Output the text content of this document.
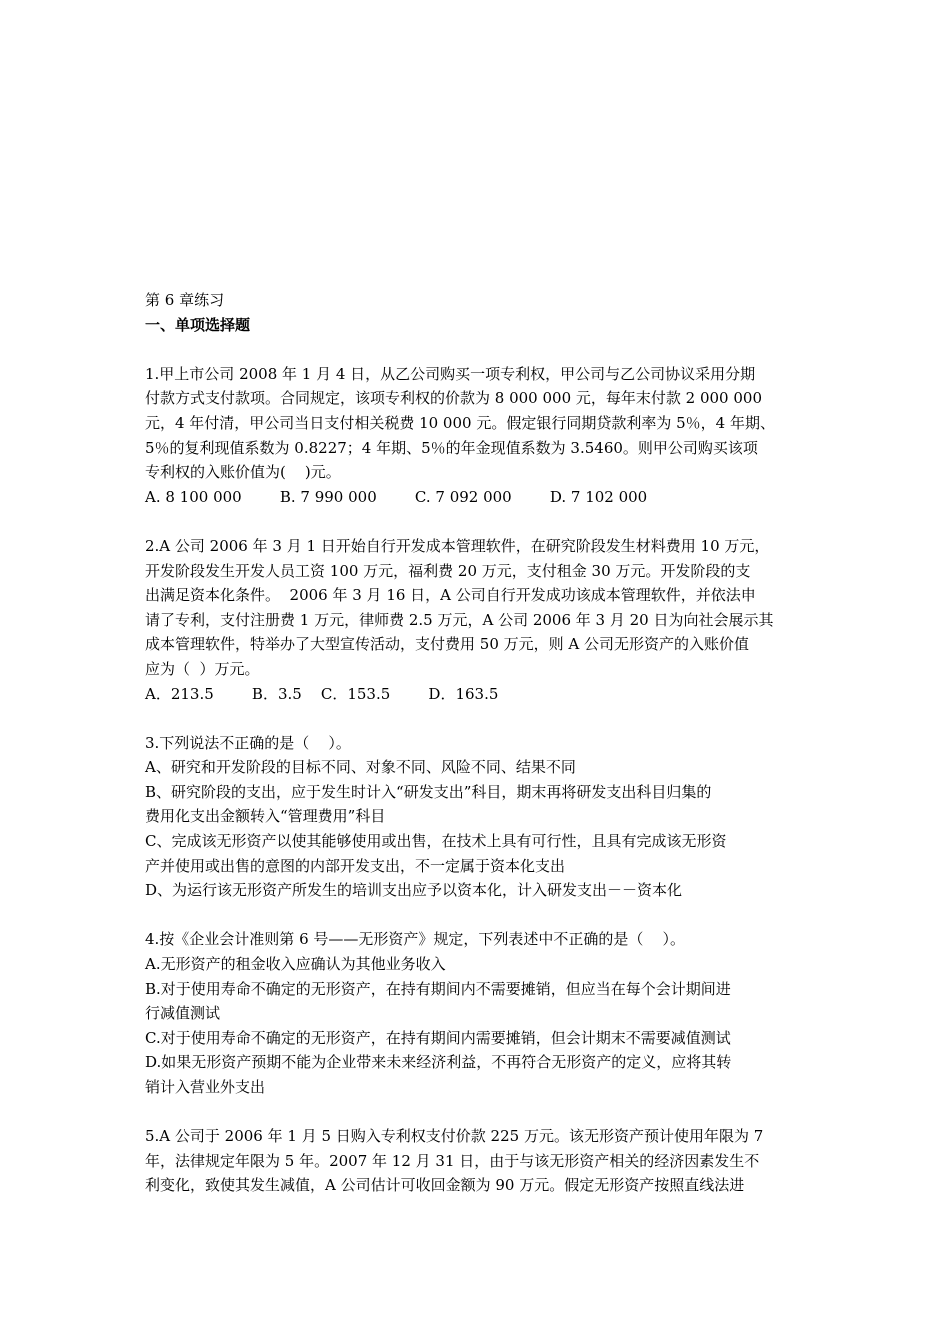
第 6 章练习

一、单项选择题

1.甲上市公司 2008 年 1 月 4 日，从乙公司购买一项专利权，甲公司与乙公司协议采用分期

付款方式支付款项。合同规定，该项专利权的价款为 8 000 000 元，每年末付款 2 000 000

元，4 年付清，甲公司当日支付相关税费 10 000 元。假定银行同期贷款利率为 5％，4 年期、

5％的复利现值系数为 0.8227；4 年期、5％的年金现值系数为 3.5460。则甲公司购买该项

专利权的入账价值为(    )元。

A. 8 100 000        B. 7 990 000        C. 7 092 000        D. 7 102 000

2.A 公司 2006 年 3 月 1 日开始自行开发成本管理软件，在研究阶段发生材料费用 10 万元，

开发阶段发生开发人员工资 100 万元，福利费 20 万元，支付租金 30 万元。开发阶段的支

出满足资本化条件。  2006 年 3 月 16 日，A 公司自行开发成功该成本管理软件，并依法申

请了专利，支付注册费 1 万元，律师费 2.5 万元，A 公司 2006 年 3 月 20 日为向社会展示其

成本管理软件，特举办了大型宣传活动，支付费用 50 万元，则 A 公司无形资产的入账价值

应为（  ）万元。

A．213.5        B．3.5    C．153.5        D．163.5

3.下列说法不正确的是（    ）。

A、研究和开发阶段的目标不同、对象不同、风险不同、结果不同

B、研究阶段的支出，应于发生时计入“研发支出”科目，期末再将研发支出科目归集的

费用化支出金额转入“管理费用”科目

C、完成该无形资产以使其能够使用或出售，在技术上具有可行性，且具有完成该无形资

产并使用或出售的意图的内部开发支出，不一定属于资本化支出

D、为运行该无形资产所发生的培训支出应予以资本化，计入研发支出－－资本化

4.按《企业会计准则第 6 号——无形资产》规定，下列表述中不正确的是（    ）。

A.无形资产的租金收入应确认为其他业务收入

B.对于使用寿命不确定的无形资产，在持有期间内不需要摊销，但应当在每个会计期间进

行减值测试

C.对于使用寿命不确定的无形资产，在持有期间内需要摊销，但会计期末不需要减值测试

D.如果无形资产预期不能为企业带来未来经济利益，不再符合无形资产的定义，应将其转

销计入营业外支出

5.A 公司于 2006 年 1 月 5 日购入专利权支付价款 225 万元。该无形资产预计使用年限为 7

年，法律规定年限为 5 年。2007 年 12 月 31 日，由于与该无形资产相关的经济因素发生不

利变化，致使其发生减值，A 公司估计可收回金额为 90 万元。假定无形资产按照直线法进
